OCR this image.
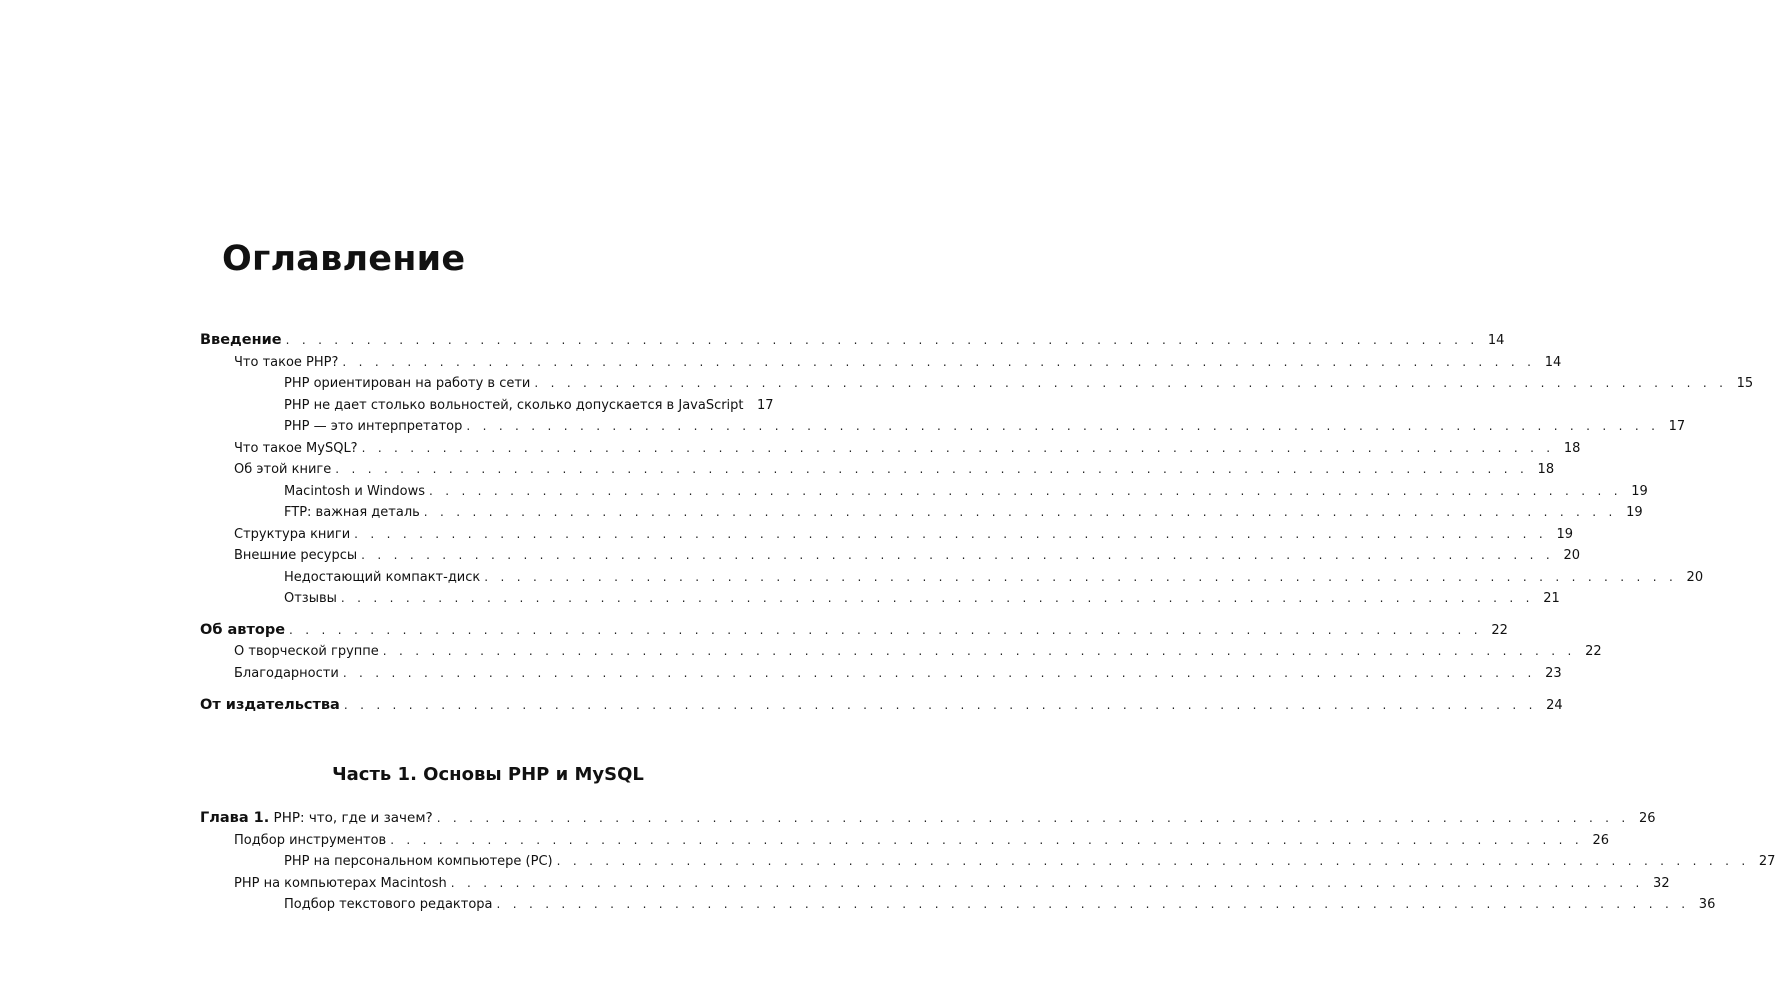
Оглавление
Введение . . . . . . . . . . . . . . . . . . . . . . . . . . . . . . . . . . . . . . . . . . . . . . . . . . . . . . . . . . . . . . . . . . . . . . . . . . 14
Что такое PHP? . . . . . . . . . . . . . . . . . . . . . . . . . . . . . . . . . . . . . . . . . . . . . . . . . . . . . . . . . . . . . . . . . . . . . . . . . . 14
PHP ориентирован на работу в сети . . . . . . . . . . . . . . . . . . . . . . . . . . . . . . . . . . . . . . . . . . . . . . . . . . . . . . . . . . . . . . . . . . . . . . . . . . 15
PHP не дает столько вольностей, сколько допускается в JavaScript	17
PHP — это интерпретатор . . . . . . . . . . . . . . . . . . . . . . . . . . . . . . . . . . . . . . . . . . . . . . . . . . . . . . . . . . . . . . . . . . . . . . . . . . 17
Что такое MySQL? . . . . . . . . . . . . . . . . . . . . . . . . . . . . . . . . . . . . . . . . . . . . . . . . . . . . . . . . . . . . . . . . . . . . . . . . . . 18
Об этой книге . . . . . . . . . . . . . . . . . . . . . . . . . . . . . . . . . . . . . . . . . . . . . . . . . . . . . . . . . . . . . . . . . . . . . . . . . . 18
Macintosh и Windows . . . . . . . . . . . . . . . . . . . . . . . . . . . . . . . . . . . . . . . . . . . . . . . . . . . . . . . . . . . . . . . . . . . . . . . . . . 19
FTP: важная деталь . . . . . . . . . . . . . . . . . . . . . . . . . . . . . . . . . . . . . . . . . . . . . . . . . . . . . . . . . . . . . . . . . . . . . . . . . . 19
Структура книги . . . . . . . . . . . . . . . . . . . . . . . . . . . . . . . . . . . . . . . . . . . . . . . . . . . . . . . . . . . . . . . . . . . . . . . . . . 19
Внешние ресурсы . . . . . . . . . . . . . . . . . . . . . . . . . . . . . . . . . . . . . . . . . . . . . . . . . . . . . . . . . . . . . . . . . . . . . . . . . . 20
Недостающий компакт-диск . . . . . . . . . . . . . . . . . . . . . . . . . . . . . . . . . . . . . . . . . . . . . . . . . . . . . . . . . . . . . . . . . . . . . . . . . . 20
Отзывы . . . . . . . . . . . . . . . . . . . . . . . . . . . . . . . . . . . . . . . . . . . . . . . . . . . . . . . . . . . . . . . . . . . . . . . . . . 21
Об авторе . . . . . . . . . . . . . . . . . . . . . . . . . . . . . . . . . . . . . . . . . . . . . . . . . . . . . . . . . . . . . . . . . . . . . . . . . . 22
О творческой группе . . . . . . . . . . . . . . . . . . . . . . . . . . . . . . . . . . . . . . . . . . . . . . . . . . . . . . . . . . . . . . . . . . . . . . . . . . 22
Благодарности . . . . . . . . . . . . . . . . . . . . . . . . . . . . . . . . . . . . . . . . . . . . . . . . . . . . . . . . . . . . . . . . . . . . . . . . . . 23
От издательства . . . . . . . . . . . . . . . . . . . . . . . . . . . . . . . . . . . . . . . . . . . . . . . . . . . . . . . . . . . . . . . . . . . . . . . . . . 24
Часть 1. Основы PHP и MySQL
Глава 1. PHP: что, где и зачем? . . . . . . . . . . . . . . . . . . . . . . . . . . . . . . . . . . . . . . . . . . . . . . . . . . . . . . . . . . . . . . . . . . . . . . . . . . 26
Подбор инструментов . . . . . . . . . . . . . . . . . . . . . . . . . . . . . . . . . . . . . . . . . . . . . . . . . . . . . . . . . . . . . . . . . . . . . . . . . . 26
PHP на персональном компьютере (PC) . . . . . . . . . . . . . . . . . . . . . . . . . . . . . . . . . . . . . . . . . . . . . . . . . . . . . . . . . . . . . . . . . . . . . . . . . . 27
PHP на компьютерах Macintosh . . . . . . . . . . . . . . . . . . . . . . . . . . . . . . . . . . . . . . . . . . . . . . . . . . . . . . . . . . . . . . . . . . . . . . . . . . 32
Подбор текстового редактора . . . . . . . . . . . . . . . . . . . . . . . . . . . . . . . . . . . . . . . . . . . . . . . . . . . . . . . . . . . . . . . . . . . . . . . . . . 36
